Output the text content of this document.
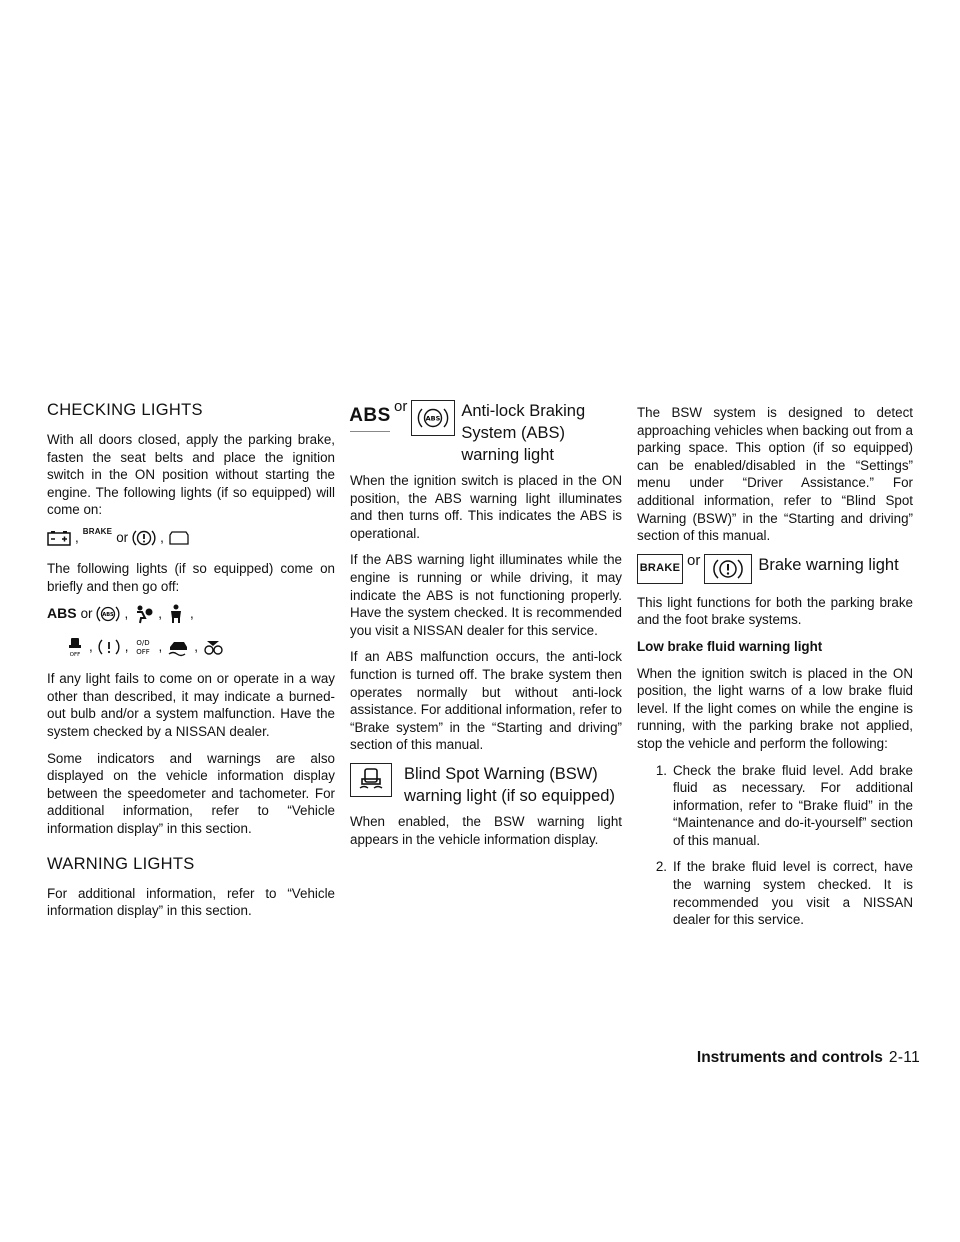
CHECKING LIGHTS

With all doors closed, apply the parking brake, fasten the seat belts and place the ignition switch in the ON position without starting the engine. The following lights (if so equipped) will come on:

, BRAKE or ,

The following lights (if so equipped) come on briefly and then go off:

ABS or ABS , , ,
OFF
, , O/D
OFF , ,

If any light fails to come on or operate in a way other than described, it may indicate a burned-out bulb and/or a system malfunction. Have the system checked by a NISSAN dealer.

Some indicators and warnings are also displayed on the vehicle information display between the speedometer and tachometer. For additional information, refer to “Vehicle information display” in this section.

WARNING LIGHTS

For additional information, refer to “Vehicle information display” in this section.

ABS or
ABS Anti-lock Braking
System (ABS)
warning light

When the ignition switch is placed in the ON position, the ABS warning light illuminates and then turns off. This indicates the ABS is operational.

If the ABS warning light illuminates while the engine is running or while driving, it may indicate the ABS is not functioning properly. Have the system checked. It is recommended you visit a NISSAN dealer for this service.

If an ABS malfunction occurs, the anti-lock function is turned off. The brake system then operates normally but without anti-lock assistance. For additional information, refer to “Brake system” in the “Starting and driving” section of this manual.

Blind Spot Warning (BSW)
warning light (if so equipped)

When enabled, the BSW warning light appears in the vehicle information display.

The BSW system is designed to detect approaching vehicles when backing out from a parking space. This option (if so equipped) can be enabled/disabled in the “Settings” menu under “Driver Assistance.” For additional information, refer to “Blind Spot Warning (BSW)” in the “Starting and driving” section of this manual.

BRAKE or	Brake warning light

This light functions for both the parking brake and the foot brake systems.

Low brake fluid warning light

When the ignition switch is placed in the ON position, the light warns of a low brake fluid level. If the light comes on while the engine is running, with the parking brake not applied, stop the vehicle and perform the following:

1. Check the brake fluid level. Add brake fluid as necessary. For additional information, refer to “Brake fluid” in the “Maintenance and do-it-yourself” section of this manual.
2. If the brake fluid level is correct, have the warning system checked. It is recommended you visit a NISSAN dealer for this service.
Instruments and controls 2-11
